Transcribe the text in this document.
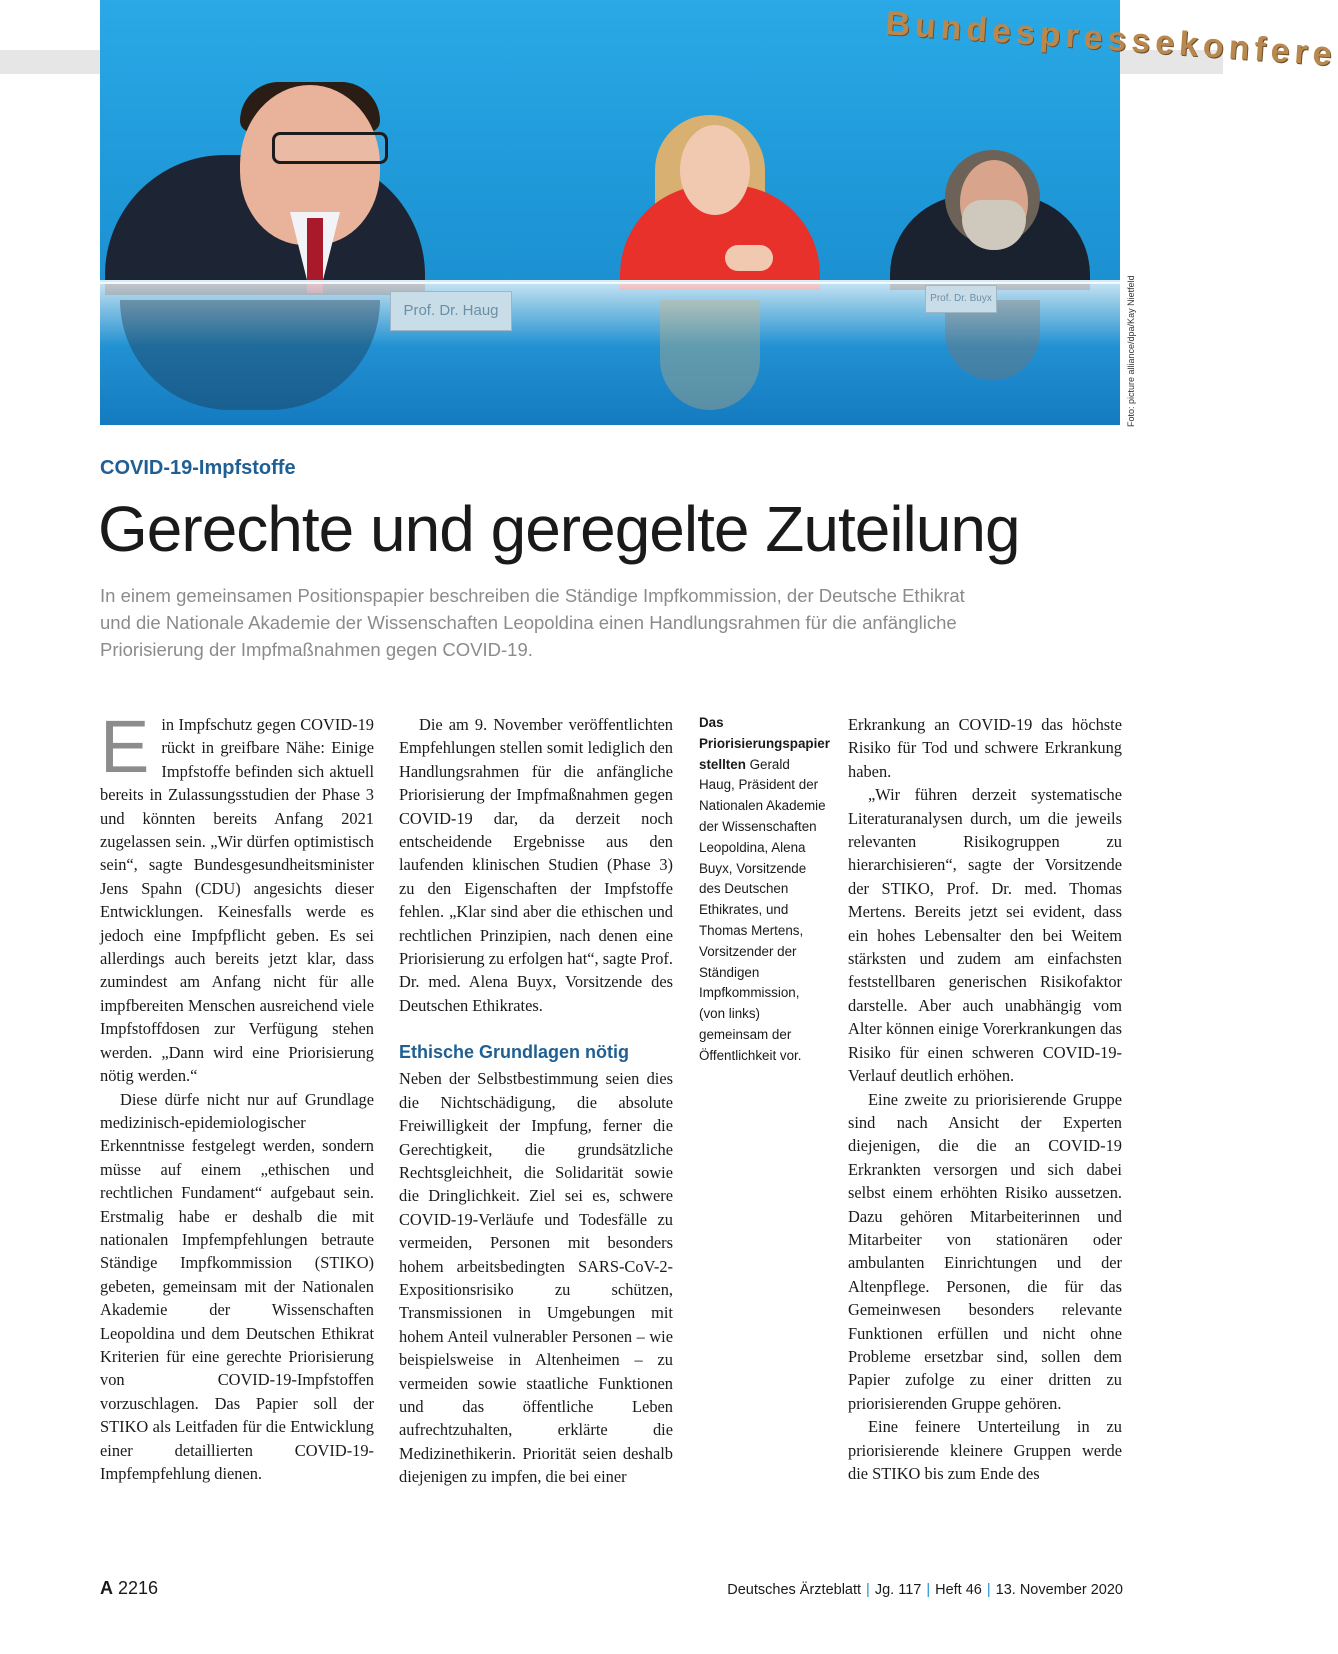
Bundespressekonfere
Prof. Dr. Haug
Prof. Dr. Buyx	Foto: picture alliance/dpa/Kay Nietfeld
COVID-19-Impfstoffe
Gerechte und geregelte Zuteilung
In einem gemeinsamen Positionspapier beschreiben die Ständige Impfkommission, der Deutsche Ethikrat und die Nationale Akademie der Wissenschaften Leopoldina einen Handlungsrahmen für die anfängliche Priorisierung der Impfmaßnahmen gegen COVID-19.

Ein Impfschutz gegen COVID-19 rückt in greifbare Nähe: Einige Impfstoffe befinden sich aktuell bereits in Zulassungsstudien der Phase 3 und könnten bereits Anfang 2021 zugelassen sein. „Wir dürfen optimistisch sein“, sagte Bundesgesundheitsminister Jens Spahn (CDU) angesichts dieser Entwicklungen. Keinesfalls werde es jedoch eine Impfpflicht geben. Es sei allerdings auch bereits jetzt klar, dass zumindest am Anfang nicht für alle impfbereiten Menschen ausreichend viele Impfstoffdosen zur Verfügung stehen werden. „Dann wird eine Priorisierung nötig werden.“

Diese dürfe nicht nur auf Grundlage medizinisch-epidemiologischer Erkenntnisse festgelegt werden, sondern müsse auf einem „ethischen und rechtlichen Fundament“ aufgebaut sein. Erstmalig habe er deshalb die mit nationalen Impfempfehlungen betraute Ständige Impfkommission (STIKO) gebeten, gemeinsam mit der Nationalen Akademie der Wissenschaften Leopoldina und dem Deutschen Ethikrat Kriterien für eine gerechte Priorisierung von COVID-19-Impfstoffen vorzuschlagen. Das Papier soll der STIKO als Leitfaden für die Entwicklung einer detaillierten COVID-19-Impfempfehlung dienen.

Die am 9. November veröffentlichten Empfehlungen stellen somit lediglich den Handlungsrahmen für die anfängliche Priorisierung der Impfmaßnahmen gegen COVID-19 dar, da derzeit noch entscheidende Ergebnisse aus den laufenden klinischen Studien (Phase 3) zu den Eigenschaften der Impfstoffe fehlen. „Klar sind aber die ethischen und rechtlichen Prinzipien, nach denen eine Priorisierung zu erfolgen hat“, sagte Prof. Dr. med. Alena Buyx, Vorsitzende des Deutschen Ethikrates.

Ethische Grundlagen nötig

Neben der Selbstbestimmung seien dies die Nichtschädigung, die absolute Freiwilligkeit der Impfung, ferner die Gerechtigkeit, die grundsätzliche Rechtsgleichheit, die Solidarität sowie die Dringlichkeit. Ziel sei es, schwere COVID-19-Verläufe und Todesfälle zu vermeiden, Personen mit besonders hohem arbeitsbedingten SARS-CoV-2-Expositionsrisiko zu schützen, Transmissionen in Umgebungen mit hohem Anteil vulnerabler Personen – wie beispielsweise in Altenheimen – zu vermeiden sowie staatliche Funktionen und das öffentliche Leben aufrechtzuhalten, erklärte die Medizinethikerin. Priorität seien deshalb diejenigen zu impfen, die bei einer

Das Priorisierungspapier stellten Gerald Haug, Präsident der Nationalen Akademie der Wissenschaften Leopoldina, Alena Buyx, Vorsitzende des Deutschen Ethikrates, und Thomas Mertens, Vorsitzender der Ständigen Impfkommission, (von links) gemeinsam der Öffentlichkeit vor.

Erkrankung an COVID-19 das höchste Risiko für Tod und schwere Erkrankung haben.

„Wir führen derzeit systematische Literaturanalysen durch, um die jeweils relevanten Risikogruppen zu hierarchisieren“, sagte der Vorsitzende der STIKO, Prof. Dr. med. Thomas Mertens. Bereits jetzt sei evident, dass ein hohes Lebensalter den bei Weitem stärksten und zudem am einfachsten feststellbaren generischen Risikofaktor darstelle. Aber auch unabhängig vom Alter können einige Vorerkrankungen das Risiko für einen schweren COVID-19-Verlauf deutlich erhöhen.

Eine zweite zu priorisierende Gruppe sind nach Ansicht der Experten diejenigen, die die an COVID-19 Erkrankten versorgen und sich dabei selbst einem erhöhten Risiko aussetzen. Dazu gehören Mitarbeiterinnen und Mitarbeiter von stationären oder ambulanten Einrichtungen und der Altenpflege. Personen, die für das Gemeinwesen besonders relevante Funktionen erfüllen und nicht ohne Probleme ersetzbar sind, sollen dem Papier zufolge zu einer dritten zu priorisierenden Gruppe gehören.

Eine feinere Unterteilung in zu priorisierende kleinere Gruppen werde die STIKO bis zum Ende des

A 2216	Deutsches Ärzteblatt | Jg. 117 | Heft 46 | 13. November 2020
